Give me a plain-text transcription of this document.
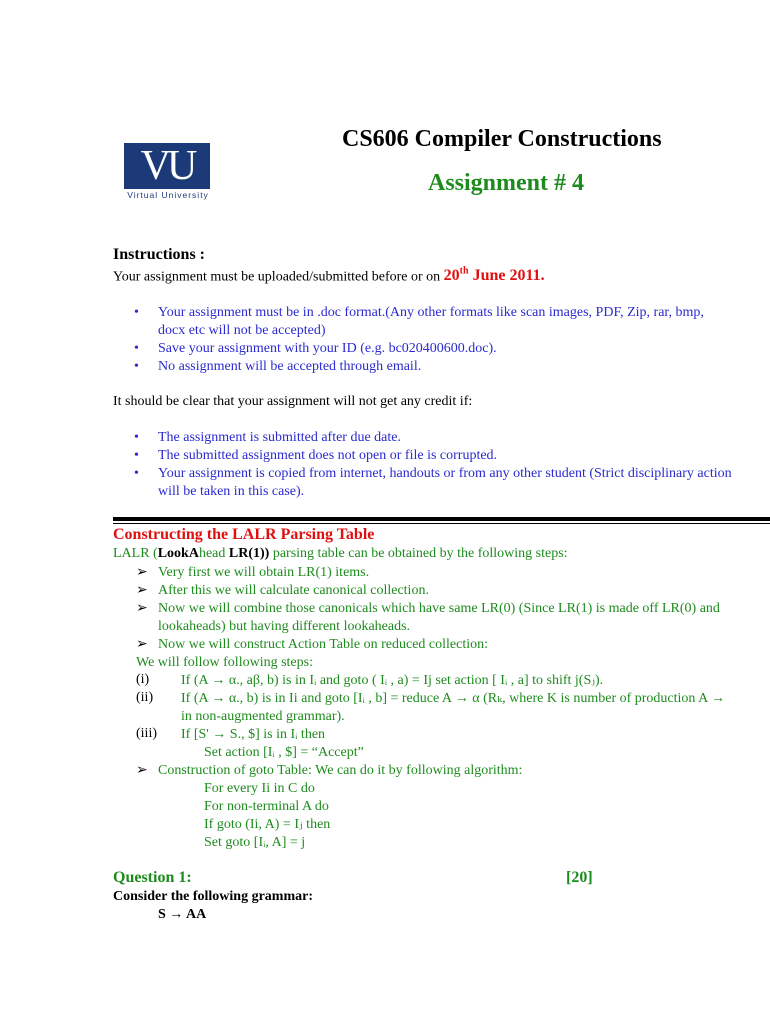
VU
Virtual University
CS606 Compiler Constructions
Assignment # 4
Instructions :
Your assignment must be uploaded/submitted before or on 20th June 2011.
• Your assignment must be in .doc format.(Any other formats like scan images, PDF, Zip, rar, bmp,
docx etc will not be accepted)
• Save your assignment with your ID (e.g. bc020400600.doc).
• No assignment will be accepted through email.
It should be clear that your assignment will not get any credit if:
• The assignment is submitted after due date.
• The submitted assignment does not open or file is corrupted.
• Your assignment is copied from internet, handouts or from any other student (Strict disciplinary action
will be taken in this case).
Constructing the LALR Parsing Table
LALR (LookAhead LR(1)) parsing table can be obtained by the following steps:
➢ Very first we will obtain LR(1) items.
➢ After this we will calculate canonical collection.
➢ Now we will combine those canonicals which have same LR(0) (Since LR(1) is made off LR(0) and
lookaheads) but having different lookaheads.
➢ Now we will construct Action Table on reduced collection:
We will follow following steps:
(i) If (A → α., aβ, b) is in Iᵢ and goto ( Iᵢ , a) = Ij set action [ Iᵢ , a] to shift j(Sⱼ).
(ii) If (A → α., b) is in Ii and goto [Iᵢ , b] = reduce A → α (Rₖ, where K is number of production A →
in non-augmented grammar).
(iii) If [S' → S., $] is in Iᵢ then
Set action [Iᵢ , $] = “Accept”
➢ Construction of goto Table: We can do it by following algorithm:
For every Ii in C do
For non-terminal A do
If goto (Ii, A) = Iⱼ then
Set goto [Iᵢ, A] = j
Question 1:	[20]
Consider the following grammar:
S → AA
